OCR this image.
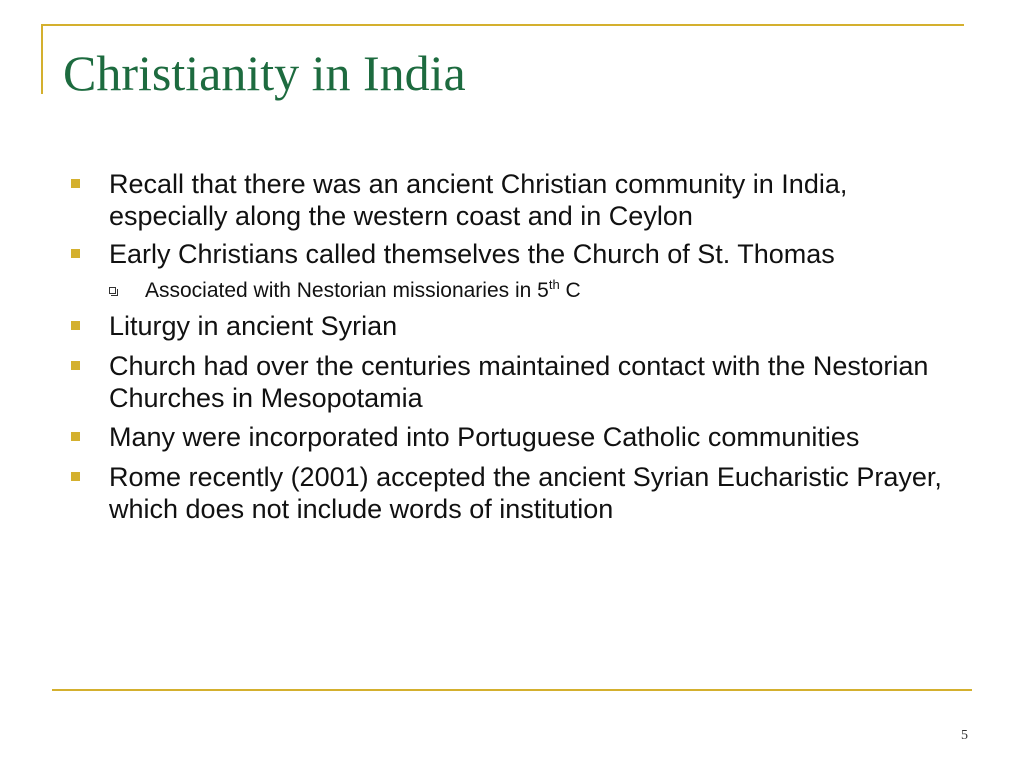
Christianity in India
Recall that there was an ancient Christian community in India, especially along the western coast and in Ceylon
Early Christians called themselves the Church of St. Thomas
Associated with Nestorian missionaries in 5th C
Liturgy in ancient Syrian
Church had over the centuries maintained contact with the Nestorian Churches in Mesopotamia
Many were incorporated into Portuguese Catholic communities
Rome recently (2001) accepted the ancient Syrian Eucharistic Prayer, which does not include words of institution
5
